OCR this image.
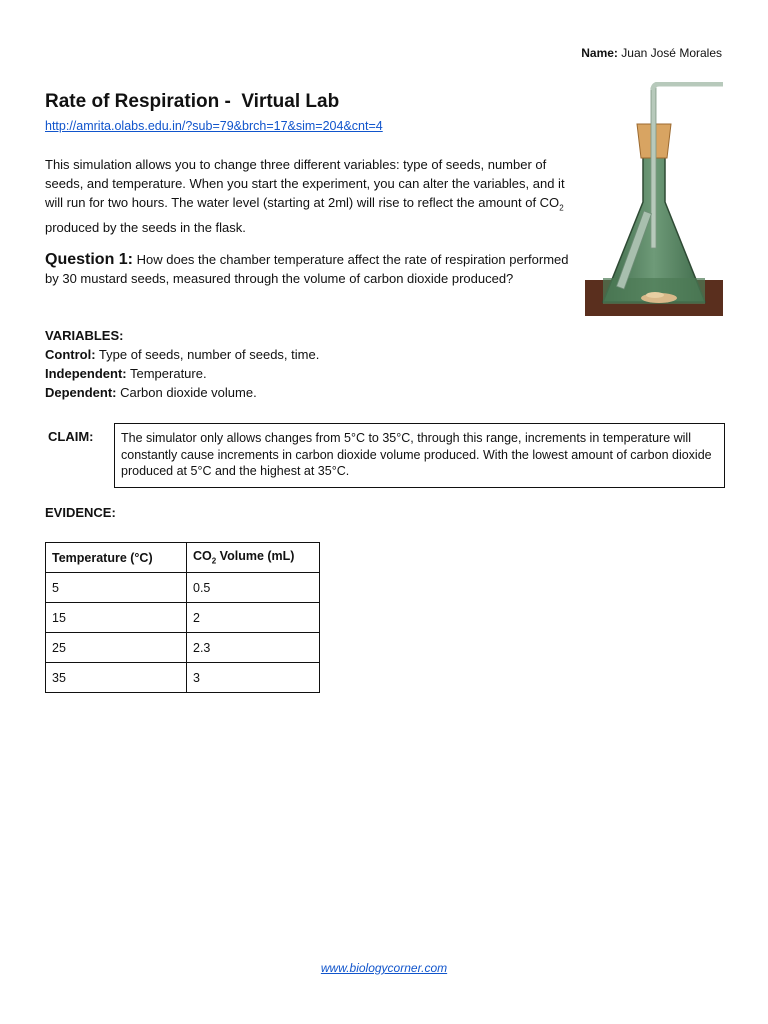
Name: Juan José Morales
Rate of Respiration -  Virtual Lab
http://amrita.olabs.edu.in/?sub=79&brch=17&sim=204&cnt=4
This simulation allows you to change three different variables: type of seeds, number of seeds, and temperature. When you start the experiment, you can alter the variables, and it will run for two hours. The water level (starting at 2ml) will rise to reflect the amount of $CO_2$ produced by the seeds in the flask.
Question 1: How does the chamber temperature affect the rate of respiration performed by 30 mustard seeds, measured through the volume of carbon dioxide produced?
VARIABLES:
Control: Type of seeds, number of seeds, time.
Independent: Temperature.
Dependent: Carbon dioxide volume.
CLAIM:	The simulator only allows changes from 5°C to 35°C, through this range, increments in temperature will constantly cause increments in carbon dioxide volume produced. With the lowest amount of carbon dioxide produced at 5°C and the highest at 35°C.
EVIDENCE:
Temperature (°C)	$CO_2$ Volume (mL)
5	0.5
15	2
25	2.3
35	3
www.biologycorner.com
